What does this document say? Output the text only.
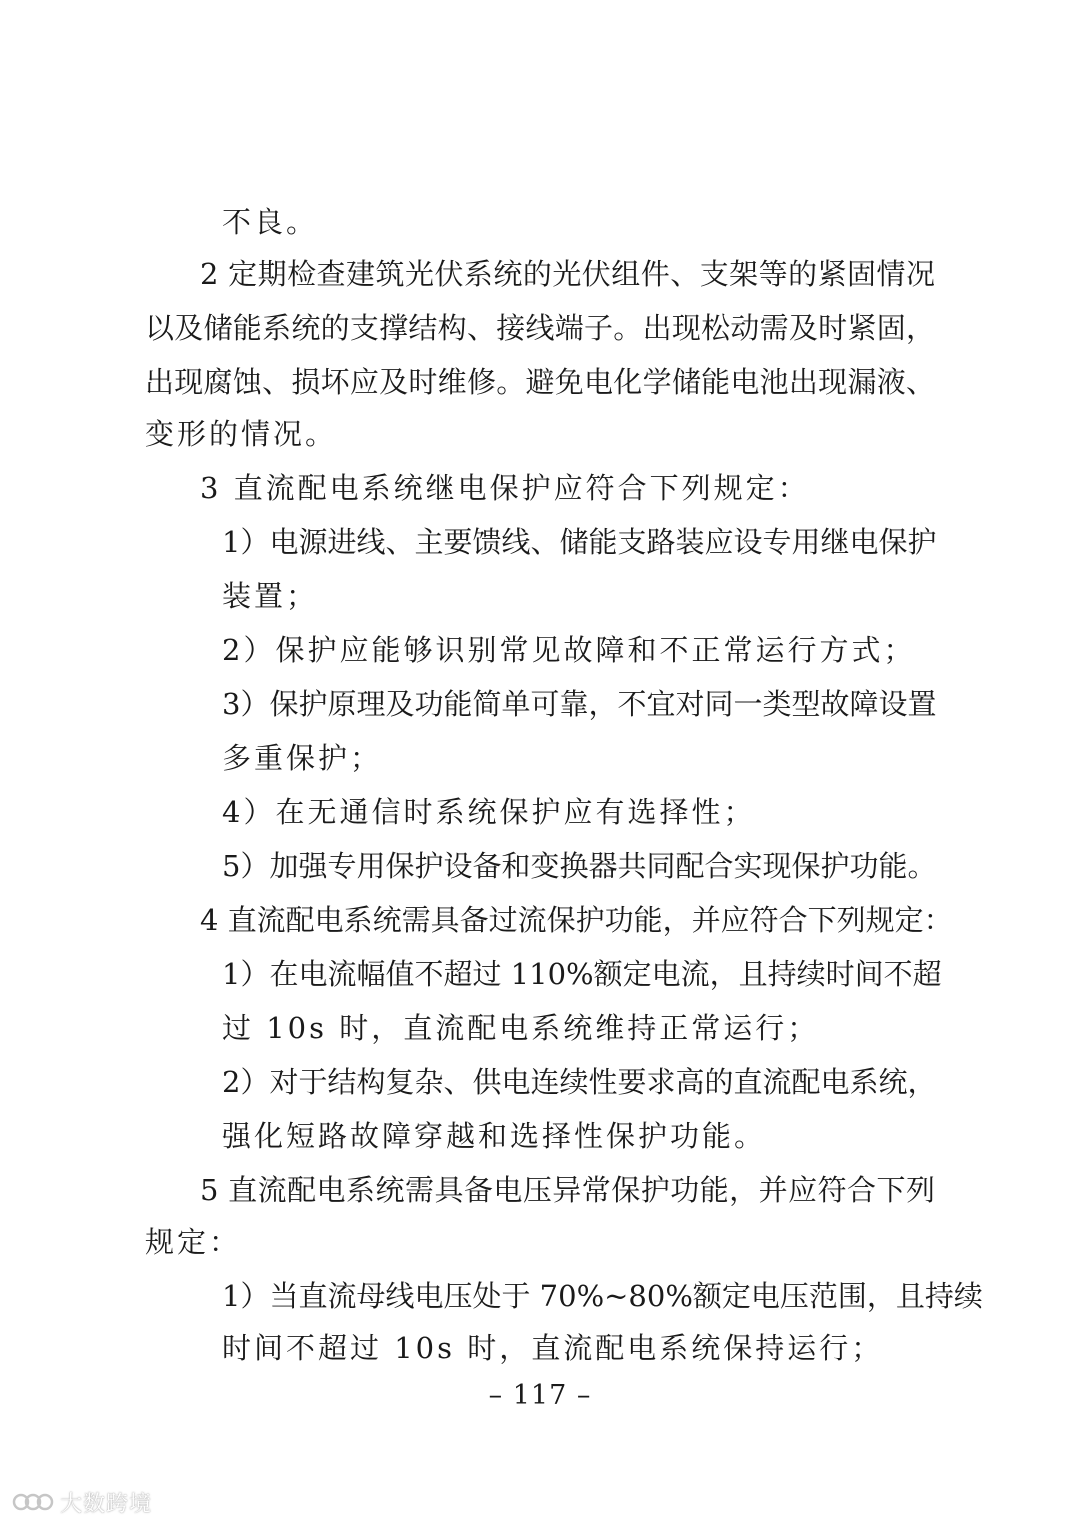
不良。
2 定期检查建筑光伏系统的光伏组件、支架等的紧固情况
以及储能系统的支撑结构、接线端子。出现松动需及时紧固，
出现腐蚀、损坏应及时维修。避免电化学储能电池出现漏液、
变形的情况。
3 直流配电系统继电保护应符合下列规定：
1）电源进线、主要馈线、储能支路装应设专用继电保护
装置；
2）保护应能够识别常见故障和不正常运行方式；
3）保护原理及功能简单可靠，不宜对同一类型故障设置
多重保护；
4）在无通信时系统保护应有选择性；
5）加强专用保护设备和变换器共同配合实现保护功能。
4 直流配电系统需具备过流保护功能，并应符合下列规定：
1）在电流幅值不超过 110%额定电流，且持续时间不超
过 10s 时，直流配电系统维持正常运行；
2）对于结构复杂、供电连续性要求高的直流配电系统，
强化短路故障穿越和选择性保护功能。
5 直流配电系统需具备电压异常保护功能，并应符合下列
规定：
1）当直流母线电压处于 70%~80%额定电压范围，且持续
时间不超过 10s 时，直流配电系统保持运行；
– 117 –
大数跨境
